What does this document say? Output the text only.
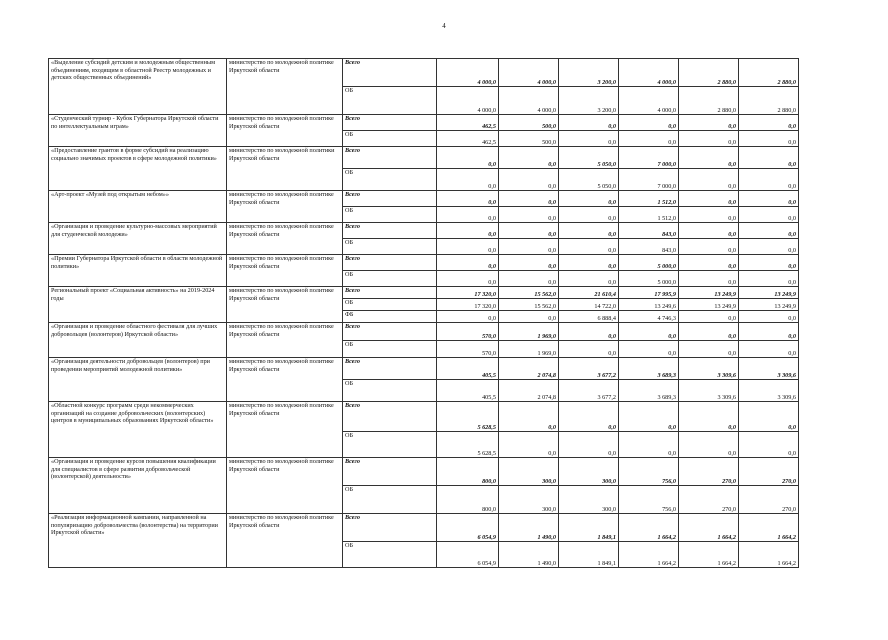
4
«Выделение субсидий детским и молодежным общественным объединениям, входящим в областной Реестр молодежных и детских общественных объединений»	министерство по молодежной политике Иркутской области	Всего	4 000,0	4 000,0	3 200,0	4 000,0	2 880,0	2 880,0
		ОБ	4 000,0	4 000,0	3 200,0	4 000,0	2 880,0	2 880,0
«Студенческий турнир - Кубок Губернатора Иркутской области по интеллектуальным играм»	министерство по молодежной политике Иркутской области	Всего	462,5	500,0	0,0	0,0	0,0	0,0
		ОБ	462,5	500,0	0,0	0,0	0,0	0,0
«Предоставление грантов в форме субсидий на реализацию социально значимых проектов в сфере молодежной политики»	министерство по молодежной политики Иркутской области	Всего	0,0	0,0	5 050,0	7 000,0	0,0	0,0
		ОБ	0,0	0,0	5 050,0	7 000,0	0,0	0,0
«Арт-проект «Музей под открытым небом»»	министерство по молодежной политике Иркутской области	Всего	0,0	0,0	0,0	1 512,0	0,0	0,0
		ОБ	0,0	0,0	0,0	1 512,0	0,0	0,0
«Организация и проведение культурно-массовых мероприятий для студенческой молодежи»	министерство по молодежной политике Иркутской области	Всего	0,0	0,0	0,0	843,0	0,0	0,0
		ОБ	0,0	0,0	0,0	843,0	0,0	0,0
«Премии Губернатора Иркутской области в области молодежной политики»	министерство по молодежной политике Иркутской области	Всего	0,0	0,0	0,0	5 000,0	0,0	0,0
		ОБ	0,0	0,0	0,0	5 000,0	0,0	0,0
Региональный проект «Социальная активность» на 2019-2024 годы	министерство по молодежной политике Иркутской области	Всего	17 320,0	15 562,0	21 610,4	17 995,9	13 249,9	13 249,9
		ОБ	17 320,0	15 562,0	14 722,0	13 249,6	13 249,9	13 249,9
		ФБ	0,0	0,0	6 888,4	4 746,3	0,0	0,0
«Организация и проведение областного фестиваля для лучших добровольцев (волонтеров) Иркутской области»	министерство по молодежной политике Иркутской области	Всего	570,0	1 969,0	0,0	0,0	0,0	0,0
		ОБ	570,0	1 969,0	0,0	0,0	0,0	0,0
«Организация деятельности добровольцев (волонтеров) при проведении мероприятий молодежной политики»	министерство по молодежной политике Иркутской области	Всего	405,5	2 074,8	3 677,2	3 689,3	3 309,6	3 309,6
		ОБ	405,5	2 074,8	3 677,2	3 689,3	3 309,6	3 309,6
«Областной конкурс программ среди некоммерческих организаций на создание добровольческих (волонтерских) центров в муниципальных образованиях Иркутской области»	министерство по молодежной политике Иркутской области	Всего	5 628,5	0,0	0,0	0,0	0,0	0,0
		ОБ	5 628,5	0,0	0,0	0,0	0,0	0,0
«Организация и проведение курсов повышения квалификации для специалистов в сфере развития добровольческой (волонтерской) деятельности»	министерство по молодежной политике Иркутской области	Всего	800,0	300,0	300,0	756,0	270,0	270,0
		ОБ	800,0	300,0	300,0	756,0	270,0	270,0
«Реализация информационной кампании, направленной на популяризацию добровольчества (волонтерства) на территории Иркутской области»	министерство по молодежной политике Иркутской области	Всего	6 054,9	1 490,0	1 849,1	1 664,2	1 664,2	1 664,2
		ОБ	6 054,9	1 490,0	1 849,1	1 664,2	1 664,2	1 664,2
